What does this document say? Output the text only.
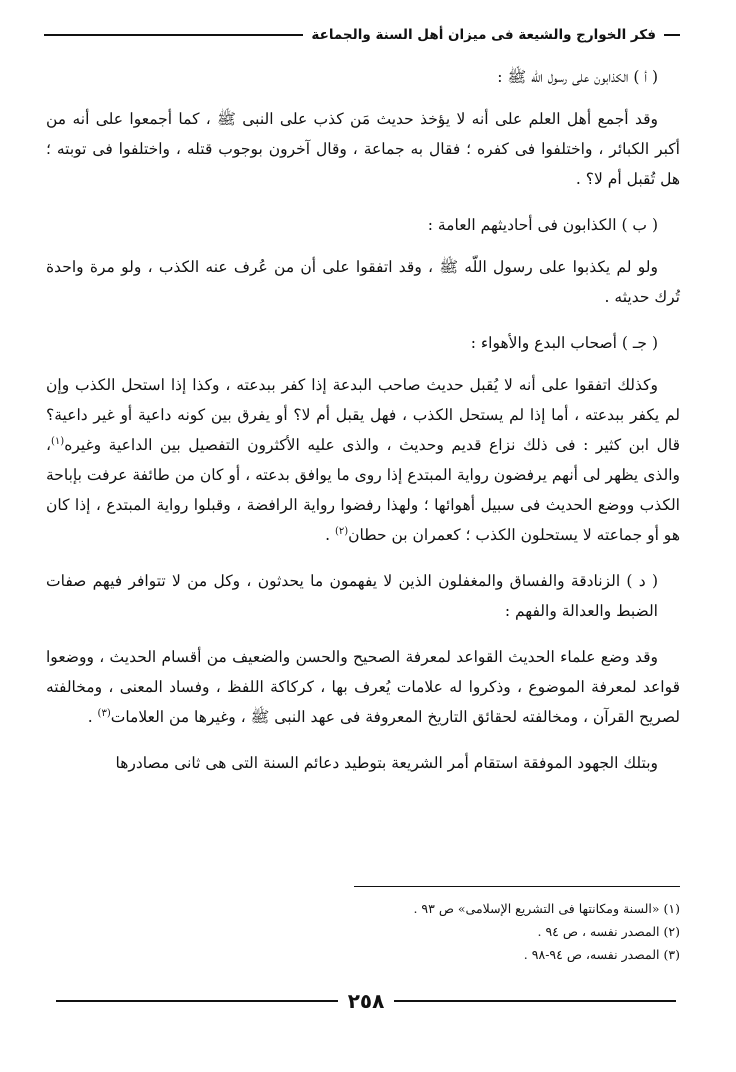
فكر الخوارج والشيعة فى ميزان أهل السنة والجماعة
( أ ) الكذابون على رسول اللّه ﷺ :

وقد أجمع أهل العلم على أنه لا يؤخذ حديث مَن كذب على النبى ﷺ ، كما أجمعوا على أنه من أكبر الكبائر ، واختلفوا فى كفره ؛ فقال به جماعة ، وقال آخرون بوجوب قتله ، واختلفوا فى توبته ؛ هل تُقبل أم لا؟ .

( ب ) الكذابون فى أحاديثهم العامة :

ولو لم يكذبوا على رسول اللّه ﷺ ، وقد اتفقوا على أن من عُرف عنه الكذب ، ولو مرة واحدة تُرك حديثه .

( جـ ) أصحاب البدع والأهواء :

وكذلك اتفقوا على أنه لا يُقبل حديث صاحب البدعة إذا كفر ببدعته ، وكذا إذا استحل الكذب وإن لم يكفر ببدعته ، أما إذا لم يستحل الكذب ، فهل يقبل أم لا؟ أو يفرق بين كونه داعية أو غير داعية؟ قال ابن كثير : فى ذلك نزاع قديم وحديث ، والذى عليه الأكثرون التفصيل بين الداعية وغيره$^{(١)}$، والذى يظهر لى أنهم يرفضون رواية المبتدع إذا روى ما يوافق بدعته ، أو كان من طائفة عرفت بإباحة الكذب ووضع الحديث فى سبيل أهوائها ؛ ولهذا رفضوا رواية الرافضة ، وقبلوا رواية المبتدع ، إذا كان هو أو جماعته لا يستحلون الكذب ؛ كعمران بن حطان$^{(٢)}$ .

( د ) الزنادقة والفساق والمغفلون الذين لا يفهمون ما يحدثون ، وكل من لا تتوافر فيهم صفات الضبط والعدالة والفهم :

وقد وضع علماء الحديث القواعد لمعرفة الصحيح والحسن والضعيف من أقسام الحديث ، ووضعوا قواعد لمعرفة الموضوع ، وذكروا له علامات يُعرف بها ، كركاكة اللفظ ، وفساد المعنى ، ومخالفته لصريح القرآن ، ومخالفته لحقائق التاريخ المعروفة فى عهد النبى ﷺ ، وغيرها من العلامات$^{(٣)}$ .

وبتلك الجهود الموفقة استقام أمر الشريعة بتوطيد دعائم السنة التى هى ثانى مصادرها

(١) «السنة ومكانتها فى التشريع الإسلامى» ص ٩٣ .
(٢) المصدر نفسه ، ص ٩٤ .
(٣) المصدر نفسه، ص ٩٤-٩٨ .
٢٥٨
